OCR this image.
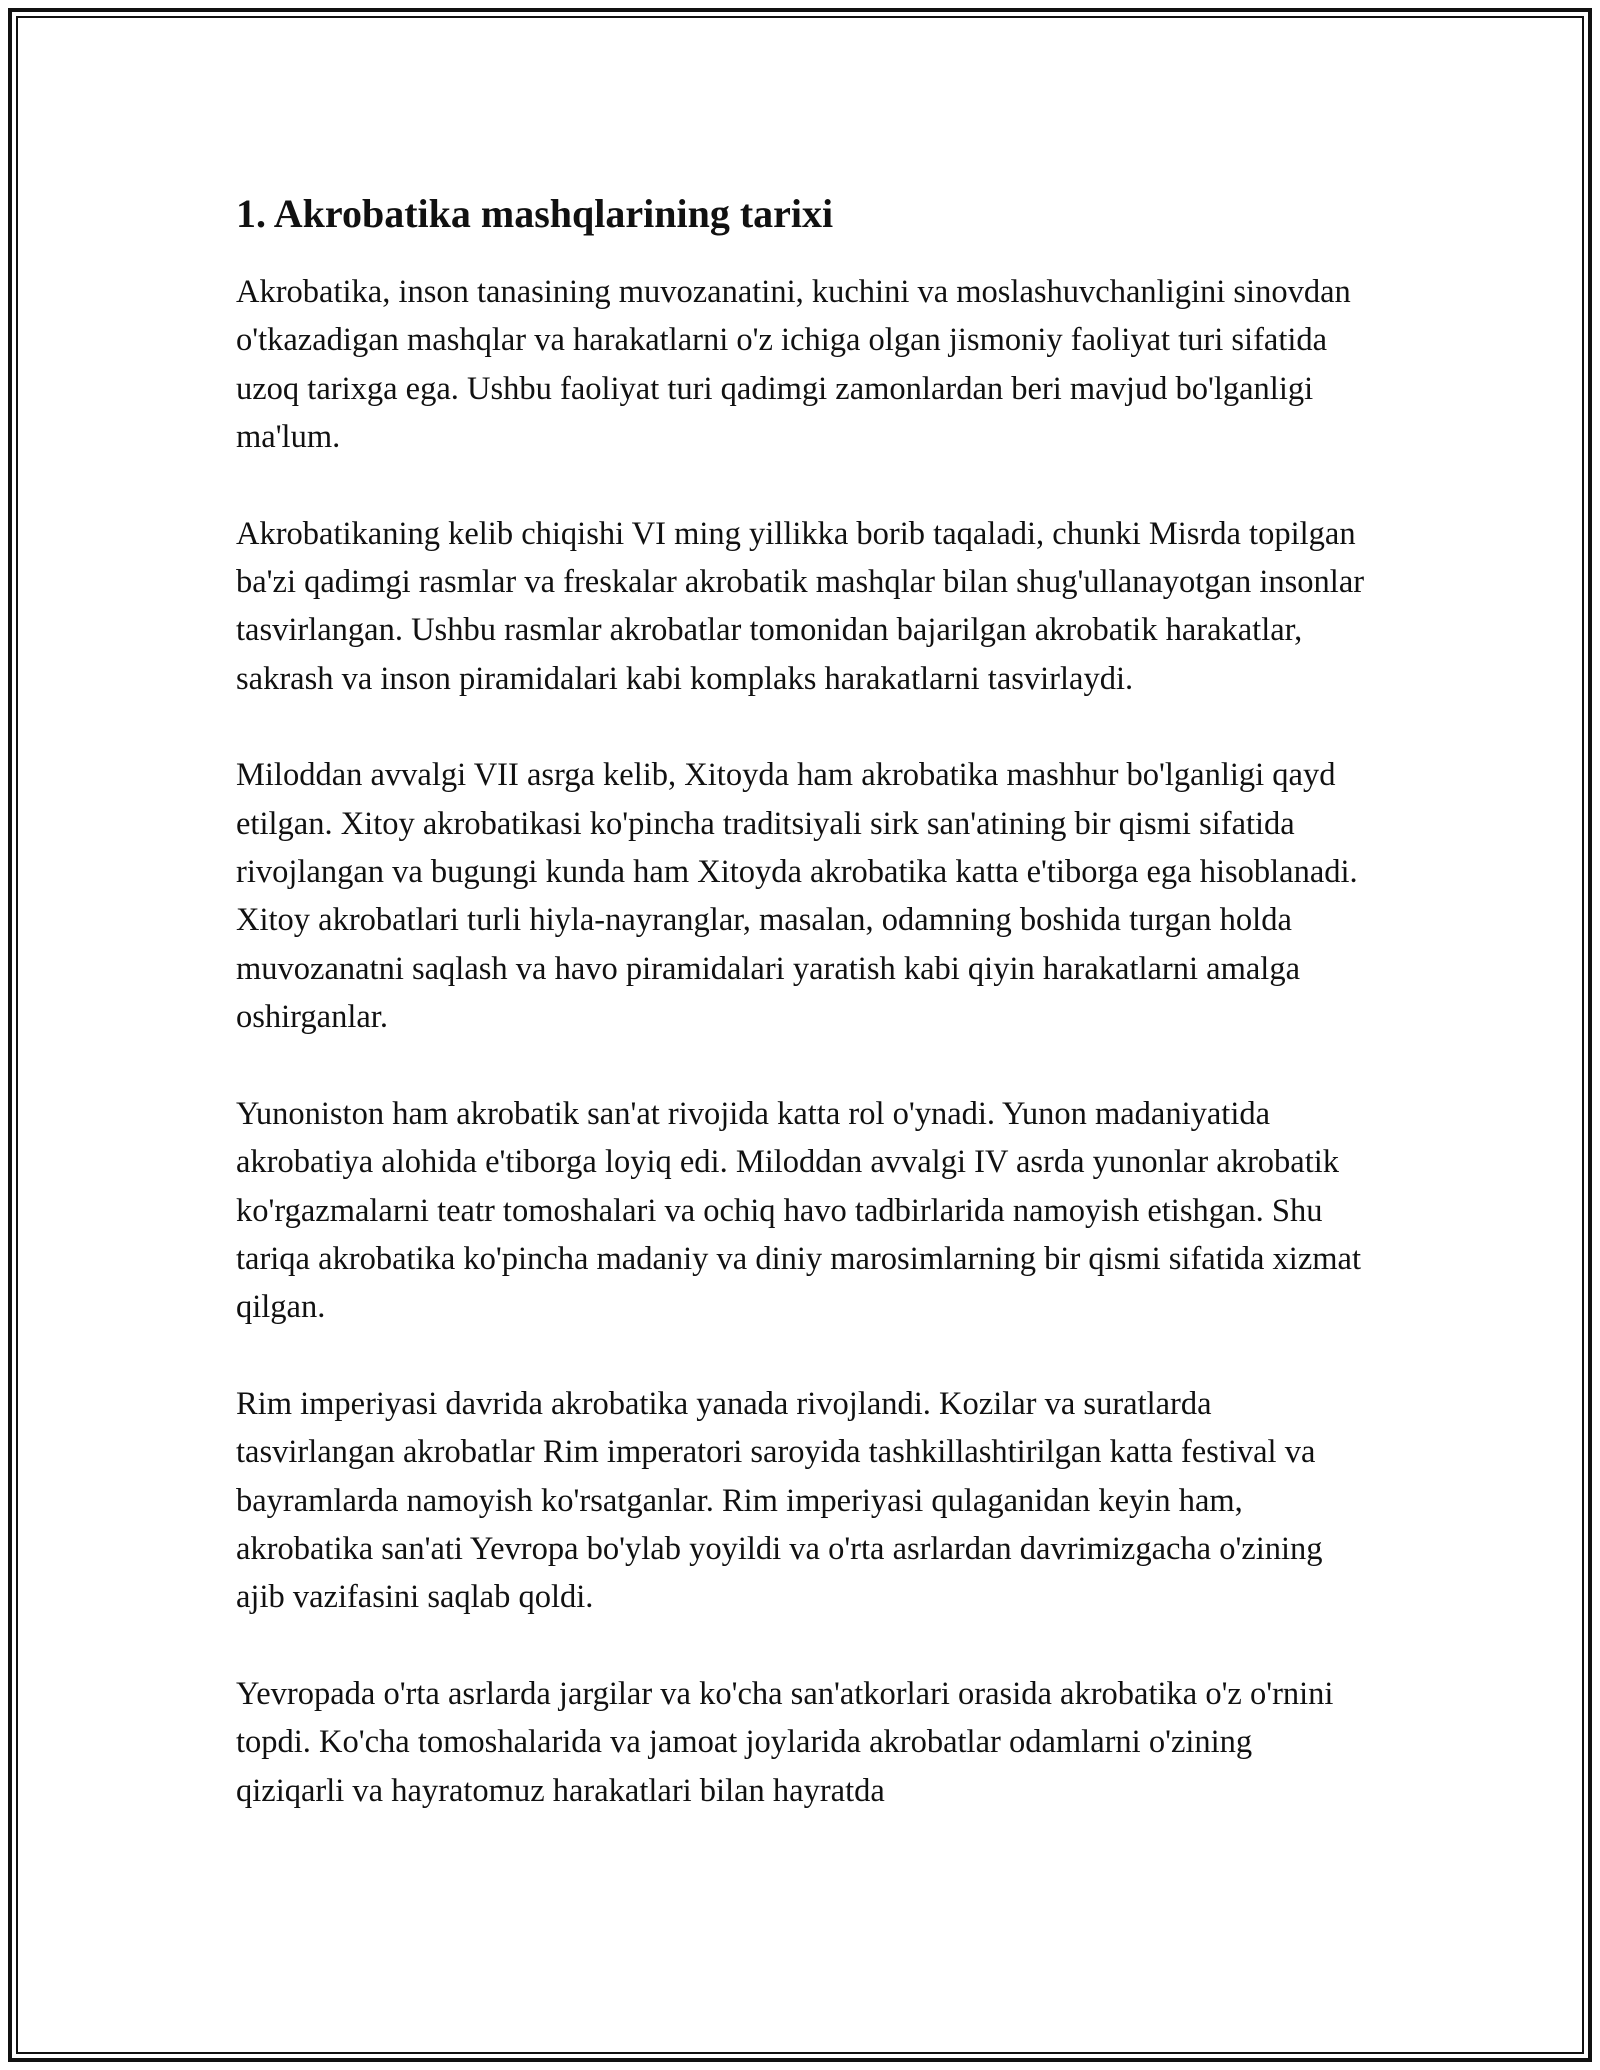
1. Akrobatika mashqlarining tarixi

Akrobatika, inson tanasining muvozanatini, kuchini va moslashuvchanligini sinovdan o'tkazadigan mashqlar va harakatlarni o'z ichiga olgan jismoniy faoliyat turi sifatida uzoq tarixga ega. Ushbu faoliyat turi qadimgi zamonlardan beri mavjud bo'lganligi ma'lum.

Akrobatikaning kelib chiqishi VI ming yillikka borib taqaladi, chunki Misrda topilgan ba'zi qadimgi rasmlar va freskalar akrobatik mashqlar bilan shug'ullanayotgan insonlar tasvirlangan. Ushbu rasmlar akrobatlar tomonidan bajarilgan akrobatik harakatlar, sakrash va inson piramidalari kabi komplaks harakatlarni tasvirlaydi.

Miloddan avvalgi VII asrga kelib, Xitoyda ham akrobatika mashhur bo'lganligi qayd etilgan. Xitoy akrobatikasi ko'pincha traditsiyali sirk san'atining bir qismi sifatida rivojlangan va bugungi kunda ham Xitoyda akrobatika katta e'tiborga ega hisoblanadi. Xitoy akrobatlari turli hiyla-nayranglar, masalan, odamning boshida turgan holda muvozanatni saqlash va havo piramidalari yaratish kabi qiyin harakatlarni amalga oshirganlar.

Yunoniston ham akrobatik san'at rivojida katta rol o'ynadi. Yunon madaniyatida akrobatiya alohida e'tiborga loyiq edi. Miloddan avvalgi IV asrda yunonlar akrobatik ko'rgazmalarni teatr tomoshalari va ochiq havo tadbirlarida namoyish etishgan. Shu tariqa akrobatika ko'pincha madaniy va diniy marosimlarning bir qismi sifatida xizmat qilgan.

Rim imperiyasi davrida akrobatika yanada rivojlandi. Kozilar va suratlarda tasvirlangan akrobatlar Rim imperatori saroyida tashkillashtirilgan katta festival va bayramlarda namoyish ko'rsatganlar. Rim imperiyasi qulaganidan keyin ham, akrobatika san'ati Yevropa bo'ylab yoyildi va o'rta asrlardan davrimizgacha o'zining ajib vazifasini saqlab qoldi.

Yevropada o'rta asrlarda jargilar va ko'cha san'atkorlari orasida akrobatika o'z o'rnini topdi. Ko'cha tomoshalarida va jamoat joylarida akrobatlar odamlarni o'zining qiziqarli va hayratomuz harakatlari bilan hayratda
